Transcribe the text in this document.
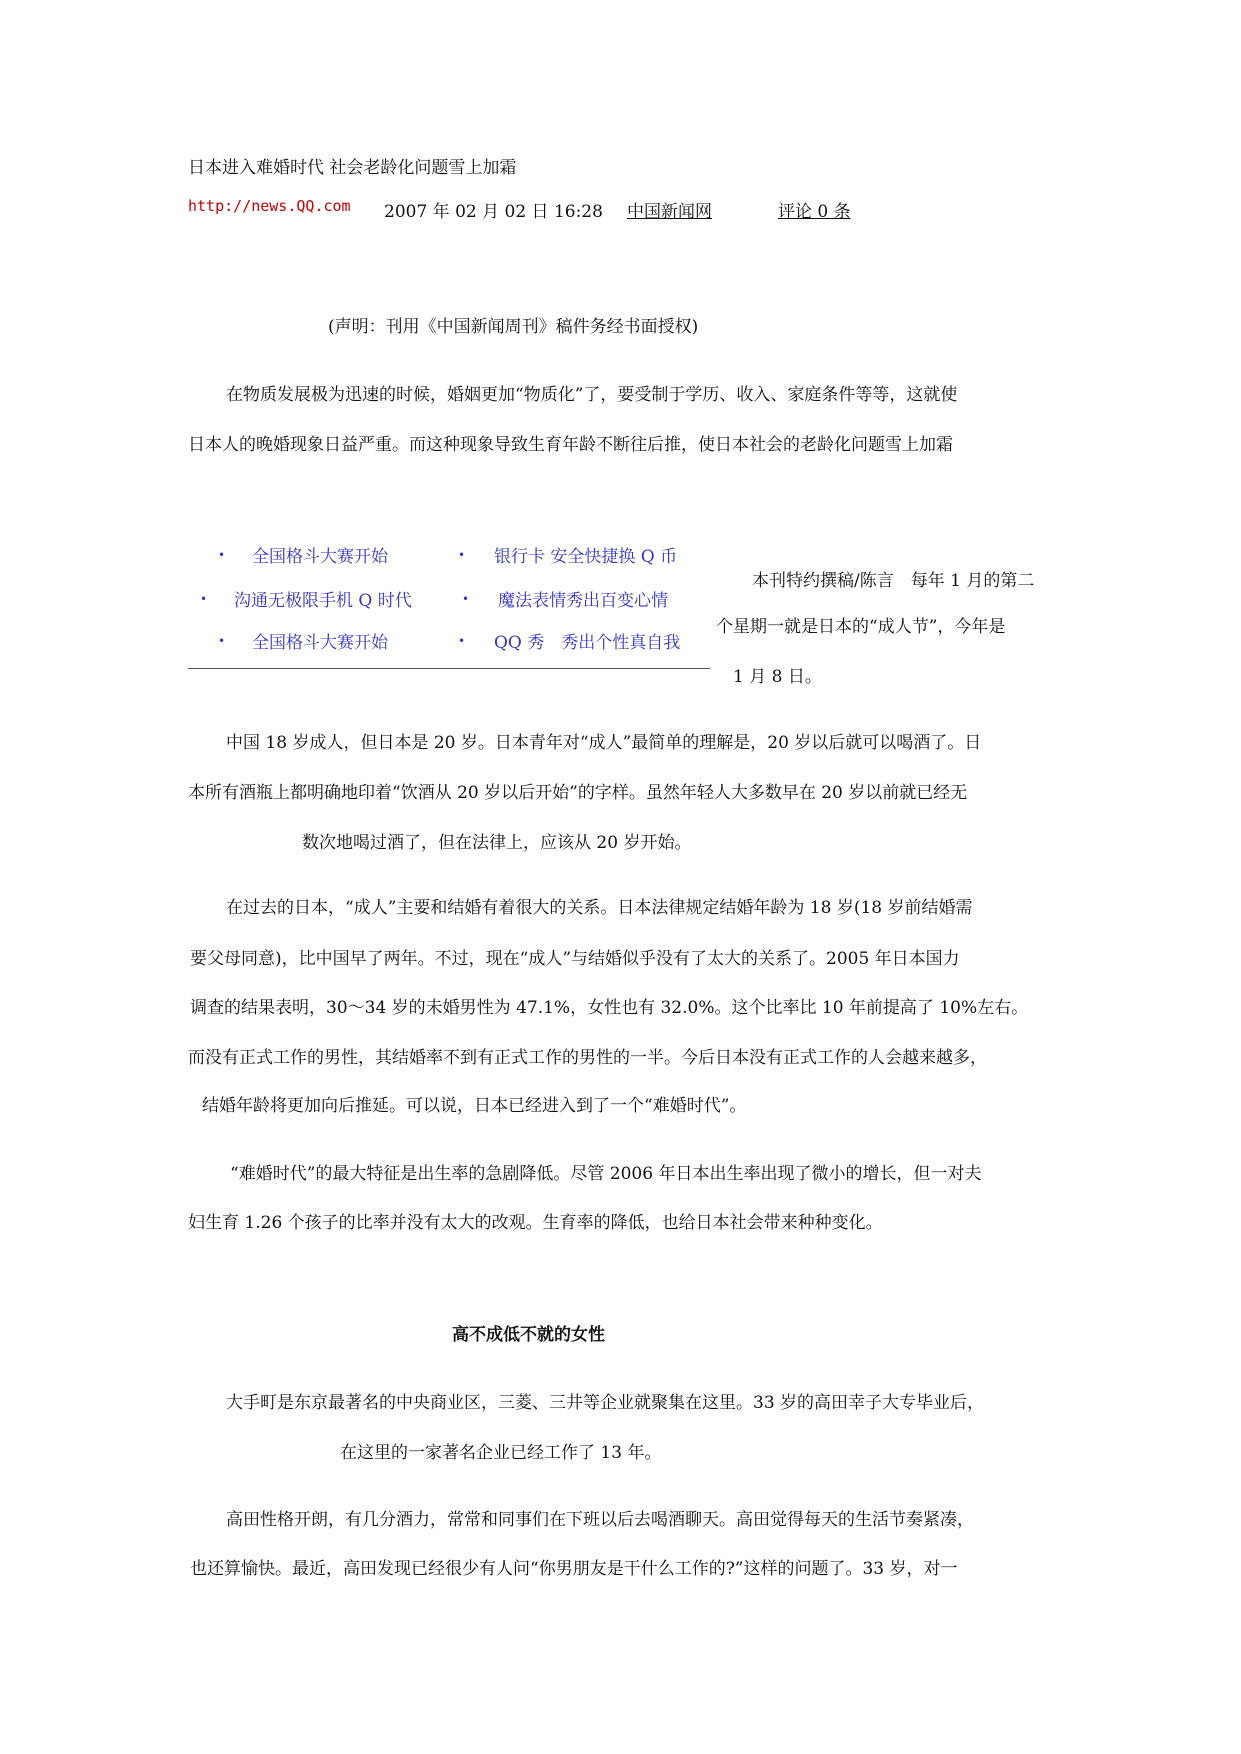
日本进入难婚时代 社会老龄化问题雪上加霜
http://news.QQ.com 2007 年 02 月 02 日 16:28 中国新闻网	评论 0 条
(声明：刊用《中国新闻周刊》稿件务经书面授权)
在物质发展极为迅速的时候，婚姻更加“物质化”了，要受制于学历、收入、家庭条件等等，这就使
日本人的晚婚现象日益严重。而这种现象导致生育年龄不断往后推，使日本社会的老龄化问题雪上加霜
• 全国格斗大赛开始	• 银行卡 安全快捷换 Q 币
• 沟通无极限手机 Q 时代	• 魔法表情秀出百变心情
• 全国格斗大赛开始	• QQ 秀　秀出个性真自我
本刊特约撰稿/陈言　每年 1 月的第二
个星期一就是日本的“成人节”，今年是
1 月 8 日。
中国 18 岁成人，但日本是 20 岁。日本青年对“成人”最简单的理解是，20 岁以后就可以喝酒了。日
本所有酒瓶上都明确地印着“饮酒从 20 岁以后开始”的字样。虽然年轻人大多数早在 20 岁以前就已经无
数次地喝过酒了，但在法律上，应该从 20 岁开始。
在过去的日本，“成人”主要和结婚有着很大的关系。日本法律规定结婚年龄为 18 岁(18 岁前结婚需
要父母同意)，比中国早了两年。不过，现在“成人”与结婚似乎没有了太大的关系了。2005 年日本国力
调查的结果表明，30～34 岁的未婚男性为 47.1%，女性也有 32.0%。这个比率比 10 年前提高了 10%左右。
而没有正式工作的男性，其结婚率不到有正式工作的男性的一半。今后日本没有正式工作的人会越来越多，
结婚年龄将更加向后推延。可以说，日本已经进入到了一个“难婚时代”。
“难婚时代”的最大特征是出生率的急剧降低。尽管 2006 年日本出生率出现了微小的增长，但一对夫
妇生育 1.26 个孩子的比率并没有太大的改观。生育率的降低，也给日本社会带来种种变化。
高不成低不就的女性
大手町是东京最著名的中央商业区，三菱、三井等企业就聚集在这里。33 岁的高田幸子大专毕业后，
在这里的一家著名企业已经工作了 13 年。
高田性格开朗，有几分酒力，常常和同事们在下班以后去喝酒聊天。高田觉得每天的生活节奏紧凑，
也还算愉快。最近，高田发现已经很少有人问“你男朋友是干什么工作的?”这样的问题了。33 岁，对一
